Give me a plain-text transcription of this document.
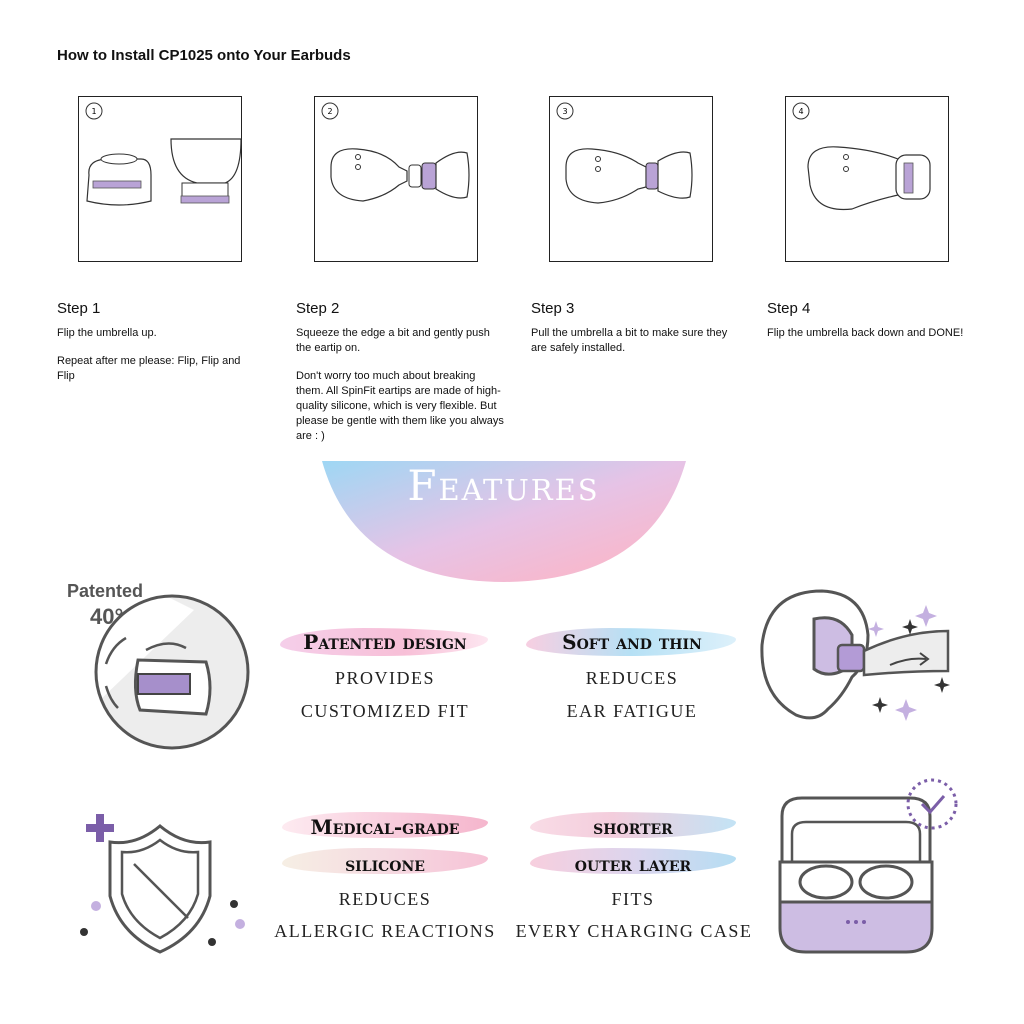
How to Install CP1025 onto Your Earbuds
1	2	3	4
Step 1

Flip the umbrella up.

Repeat after me please: Flip, Flip and Flip

Step 2

Squeeze the edge a bit and gently push the eartip on.

Don't worry too much about breaking them. All SpinFit eartips are made of high-quality silicone, which is very flexible. But please be gentle with them like you always are : )

Step 3

Pull the umbrella a bit to make sure they are safely installed.

Step 4

Flip the umbrella back down and DONE!

Features
Patented
40°
Patented design
PROVIDES
CUSTOMIZED FIT
Soft and thin
REDUCES
EAR FATIGUE
Medical-grade
silicone
REDUCES
ALLERGIC REACTIONS
shorter
outer layer
FITS
EVERY CHARGING CASE
